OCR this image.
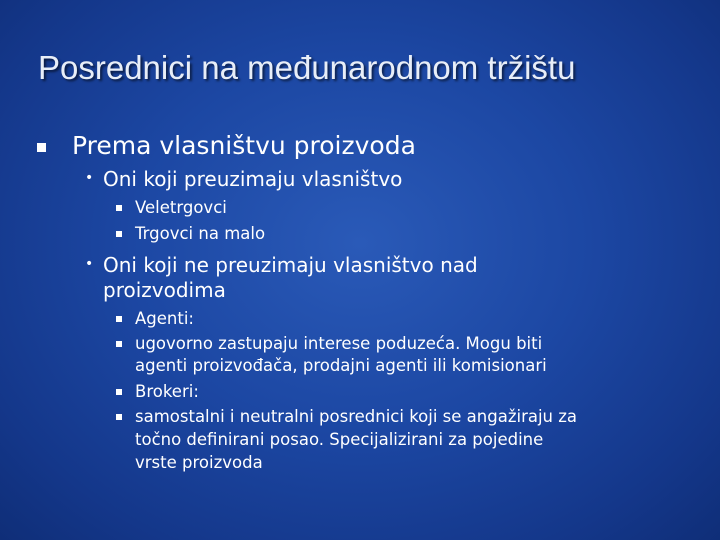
Posrednici na međunarodnom tržištu
Prema vlasništvu proizvoda
• Oni koji preuzimaju vlasništvo
Veletrgovci
Trgovci na malo
• Oni koji ne preuzimaju vlasništvo nad
proizvodima
Agenti:
ugovorno zastupaju interese poduzeća. Mogu biti
agenti proizvođača, prodajni agenti ili komisionari
Brokeri:
samostalni i neutralni posrednici koji se angažiraju za
točno definirani posao. Specijalizirani za pojedine
vrste proizvoda
